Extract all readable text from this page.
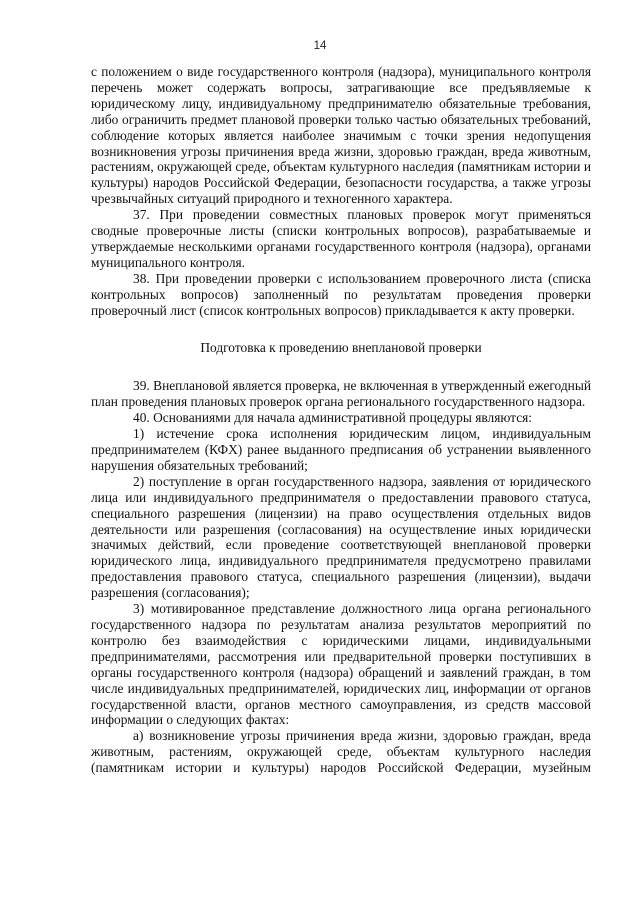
14

с положением о виде государственного контроля (надзора), муниципального контроля перечень может содержать вопросы, затрагивающие все предъявляемые к юридическому лицу, индивидуальному предпринимателю обязательные требования, либо ограничить предмет плановой проверки только частью обязательных требований, соблюдение которых является наиболее значимым с точки зрения недопущения возникновения угрозы причинения вреда жизни, здоровью граждан, вреда животным, растениям, окружающей среде, объектам культурного наследия (памятникам истории и культуры) народов Российской Федерации, безопасности государства, а также угрозы чрезвычайных ситуаций природного и техногенного характера.

37. При проведении совместных плановых проверок могут применяться сводные проверочные листы (списки контрольных вопросов), разрабатываемые и утверждаемые несколькими органами государственного контроля (надзора), органами муниципального контроля.

38. При проведении проверки с использованием проверочного листа (списка контрольных вопросов) заполненный по результатам проведения проверки проверочный лист (список контрольных вопросов) прикладывается к акту проверки.

Подготовка к проведению внеплановой проверки

39. Внеплановой является проверка, не включенная в утвержденный ежегодный план проведения плановых проверок органа регионального государственного надзора.

40. Основаниями для начала административной процедуры являются:

1) истечение срока исполнения юридическим лицом, индивидуальным предпринимателем (КФХ) ранее выданного предписания об устранении выявленного нарушения обязательных требований;

2) поступление в орган государственного надзора, заявления от юридического лица или индивидуального предпринимателя о предоставлении правового статуса, специального разрешения (лицензии) на право осуществления отдельных видов деятельности или разрешения (согласования) на осуществление иных юридически значимых действий, если проведение соответствующей внеплановой проверки юридического лица, индивидуального предпринимателя предусмотрено правилами предоставления правового статуса, специального разрешения (лицензии), выдачи разрешения (согласования);

3) мотивированное представление должностного лица органа регионального государственного надзора по результатам анализа результатов мероприятий по контролю без взаимодействия с юридическими лицами, индивидуальными предпринимателями, рассмотрения или предварительной проверки поступивших в органы государственного контроля (надзора) обращений и заявлений граждан, в том числе индивидуальных предпринимателей, юридических лиц, информации от органов государственной власти, органов местного самоуправления, из средств массовой информации о следующих фактах:

а) возникновение угрозы причинения вреда жизни, здоровью граждан, вреда животным, растениям, окружающей среде, объектам культурного наследия (памятникам истории и культуры) народов Российской Федерации, музейным
